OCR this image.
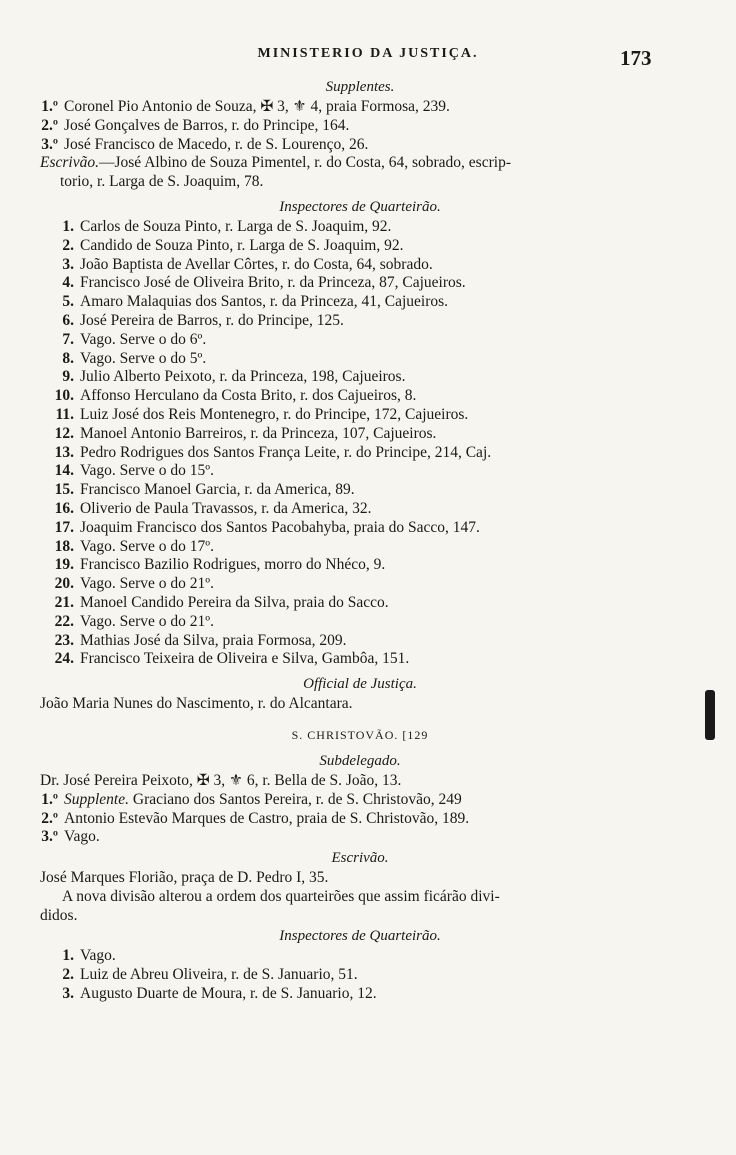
MINISTERIO DA JUSTIÇA.	173
Supplentes.
1.º Coronel Pio Antonio de Souza, ✠ 3, ⚜ 4, praia Formosa, 239.
2.º José Gonçalves de Barros, r. do Principe, 164.
3.º José Francisco de Macedo, r. de S. Lourenço, 26.
Escrivão.—José Albino de Souza Pimentel, r. do Costa, 64, sobrado, escrip-
torio, r. Larga de S. Joaquim, 78.
Inspectores de Quarteirão.
1. Carlos de Souza Pinto, r. Larga de S. Joaquim, 92.
2. Candido de Souza Pinto, r. Larga de S. Joaquim, 92.
3. João Baptista de Avellar Côrtes, r. do Costa, 64, sobrado.
4. Francisco José de Oliveira Brito, r. da Princeza, 87, Cajueiros.
5. Amaro Malaquias dos Santos, r. da Princeza, 41, Cajueiros.
6. José Pereira de Barros, r. do Principe, 125.
7. Vago. Serve o do 6º.
8. Vago. Serve o do 5º.
9. Julio Alberto Peixoto, r. da Princeza, 198, Cajueiros.
10. Affonso Herculano da Costa Brito, r. dos Cajueiros, 8.
11. Luiz José dos Reis Montenegro, r. do Principe, 172, Cajueiros.
12. Manoel Antonio Barreiros, r. da Princeza, 107, Cajueiros.
13. Pedro Rodrigues dos Santos França Leite, r. do Principe, 214, Caj.
14. Vago. Serve o do 15º.
15. Francisco Manoel Garcia, r. da America, 89.
16. Oliverio de Paula Travassos, r. da America, 32.
17. Joaquim Francisco dos Santos Pacobahyba, praia do Sacco, 147.
18. Vago. Serve o do 17º.
19. Francisco Bazilio Rodrigues, morro do Nhéco, 9.
20. Vago. Serve o do 21º.
21. Manoel Candido Pereira da Silva, praia do Sacco.
22. Vago. Serve o do 21º.
23. Mathias José da Silva, praia Formosa, 209.
24. Francisco Teixeira de Oliveira e Silva, Gambôa, 151.
Official de Justiça.
João Maria Nunes do Nascimento, r. do Alcantara.
S. CHRISTOVÃO. [129
Subdelegado.
Dr. José Pereira Peixoto, ✠ 3, ⚜ 6, r. Bella de S. João, 13.
1.º Supplente. Graciano dos Santos Pereira, r. de S. Christovão, 249
2.º Antonio Estevão Marques de Castro, praia de S. Christovão, 189.
3.º Vago.
Escrivão.
José Marques Florião, praça de D. Pedro I, 35.
A nova divisão alterou a ordem dos quarteirões que assim ficárão divi-
didos.
Inspectores de Quarteirão.
1. Vago.
2. Luiz de Abreu Oliveira, r. de S. Januario, 51.
3. Augusto Duarte de Moura, r. de S. Januario, 12.
